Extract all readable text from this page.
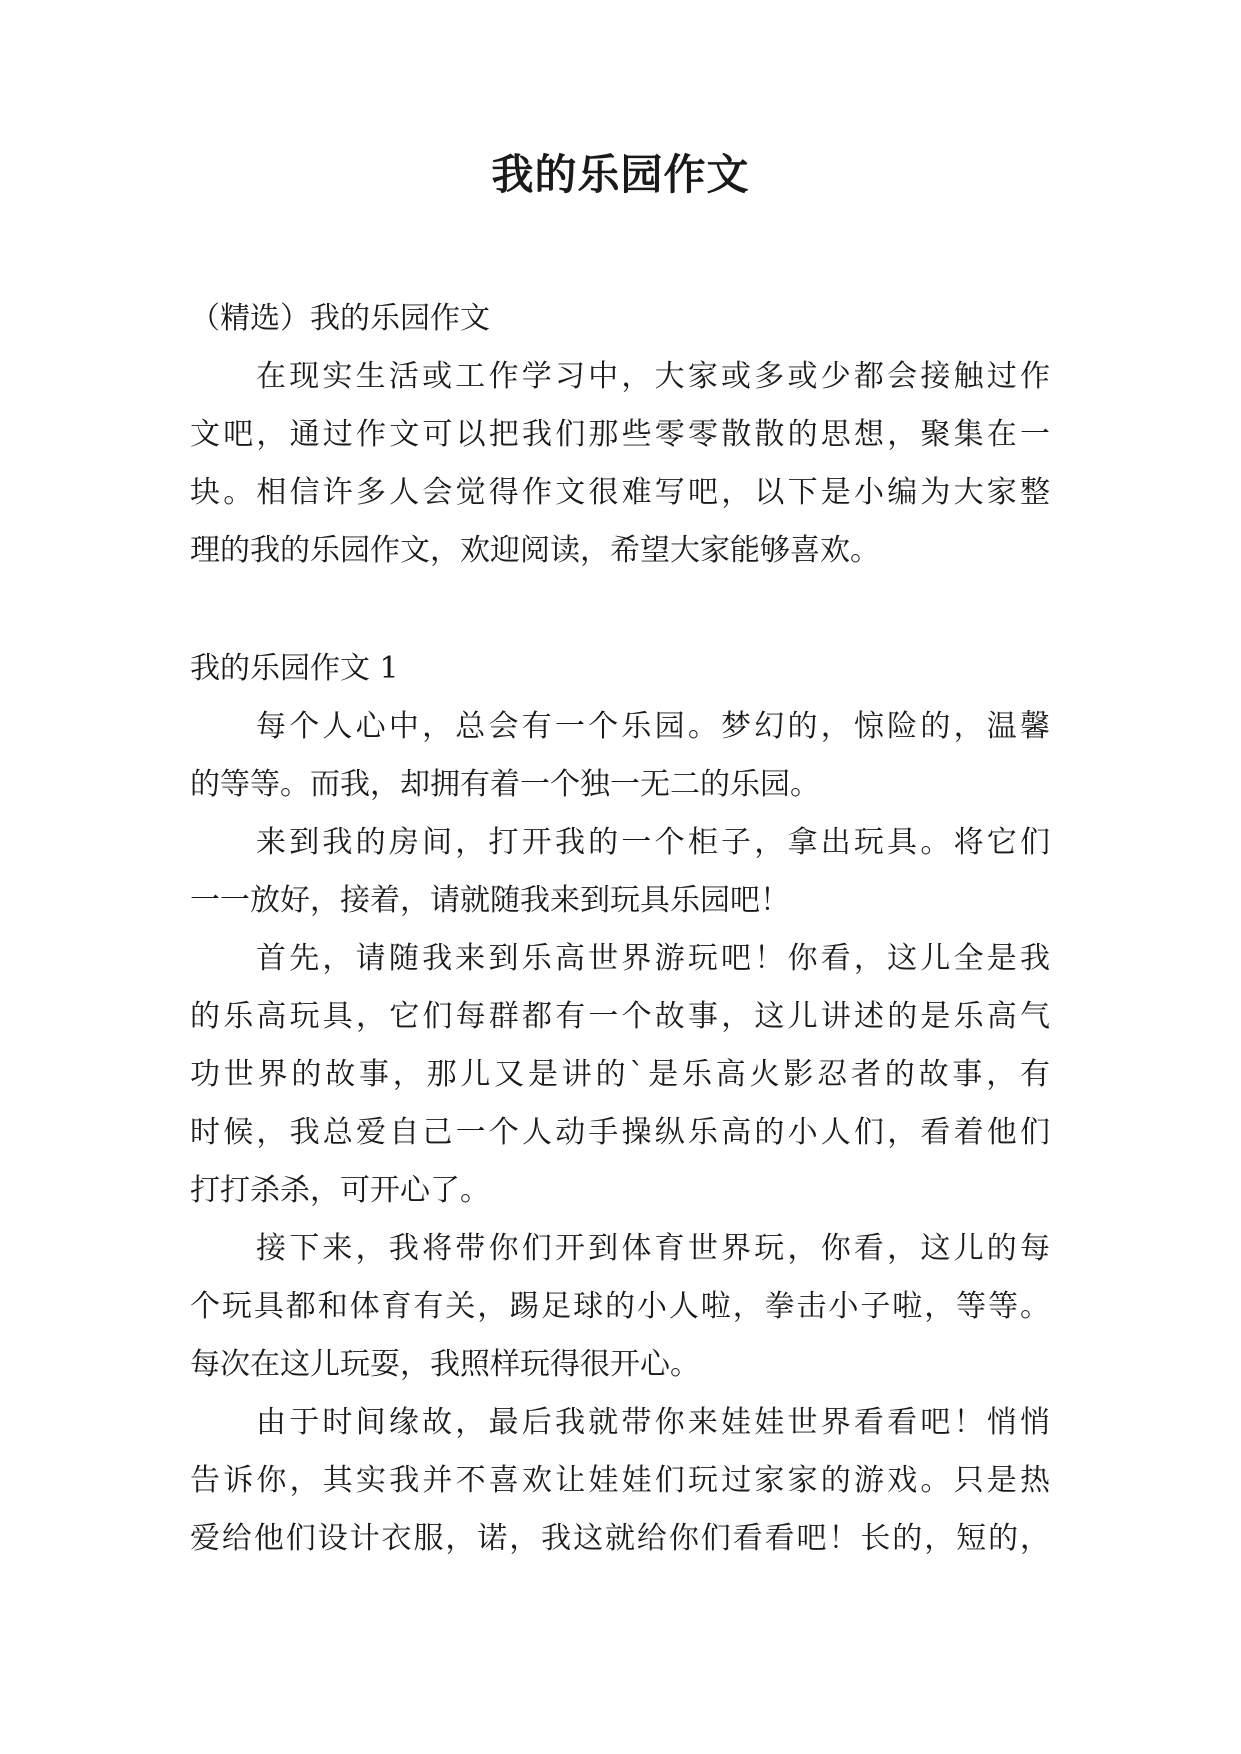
我的乐园作文
（精选）我的乐园作文
在现实生活或工作学习中，大家或多或少都会接触过作
文吧，通过作文可以把我们那些零零散散的思想，聚集在一
块。相信许多人会觉得作文很难写吧，以下是小编为大家整
理的我的乐园作文，欢迎阅读，希望大家能够喜欢。
我的乐园作文 1
每个人心中，总会有一个乐园。梦幻的，惊险的，温馨
的等等。而我，却拥有着一个独一无二的乐园。
来到我的房间，打开我的一个柜子，拿出玩具。将它们
一一放好，接着，请就随我来到玩具乐园吧！
首先，请随我来到乐高世界游玩吧！你看，这儿全是我
的乐高玩具，它们每群都有一个故事，这儿讲述的是乐高气
功世界的故事，那儿又是讲的`是乐高火影忍者的故事，有
时候，我总爱自己一个人动手操纵乐高的小人们，看着他们
打打杀杀，可开心了。
接下来，我将带你们开到体育世界玩，你看，这儿的每
个玩具都和体育有关，踢足球的小人啦，拳击小子啦，等等。
每次在这儿玩耍，我照样玩得很开心。
由于时间缘故，最后我就带你来娃娃世界看看吧！悄悄
告诉你，其实我并不喜欢让娃娃们玩过家家的游戏。只是热
爱给他们设计衣服，诺，我这就给你们看看吧！长的，短的，
